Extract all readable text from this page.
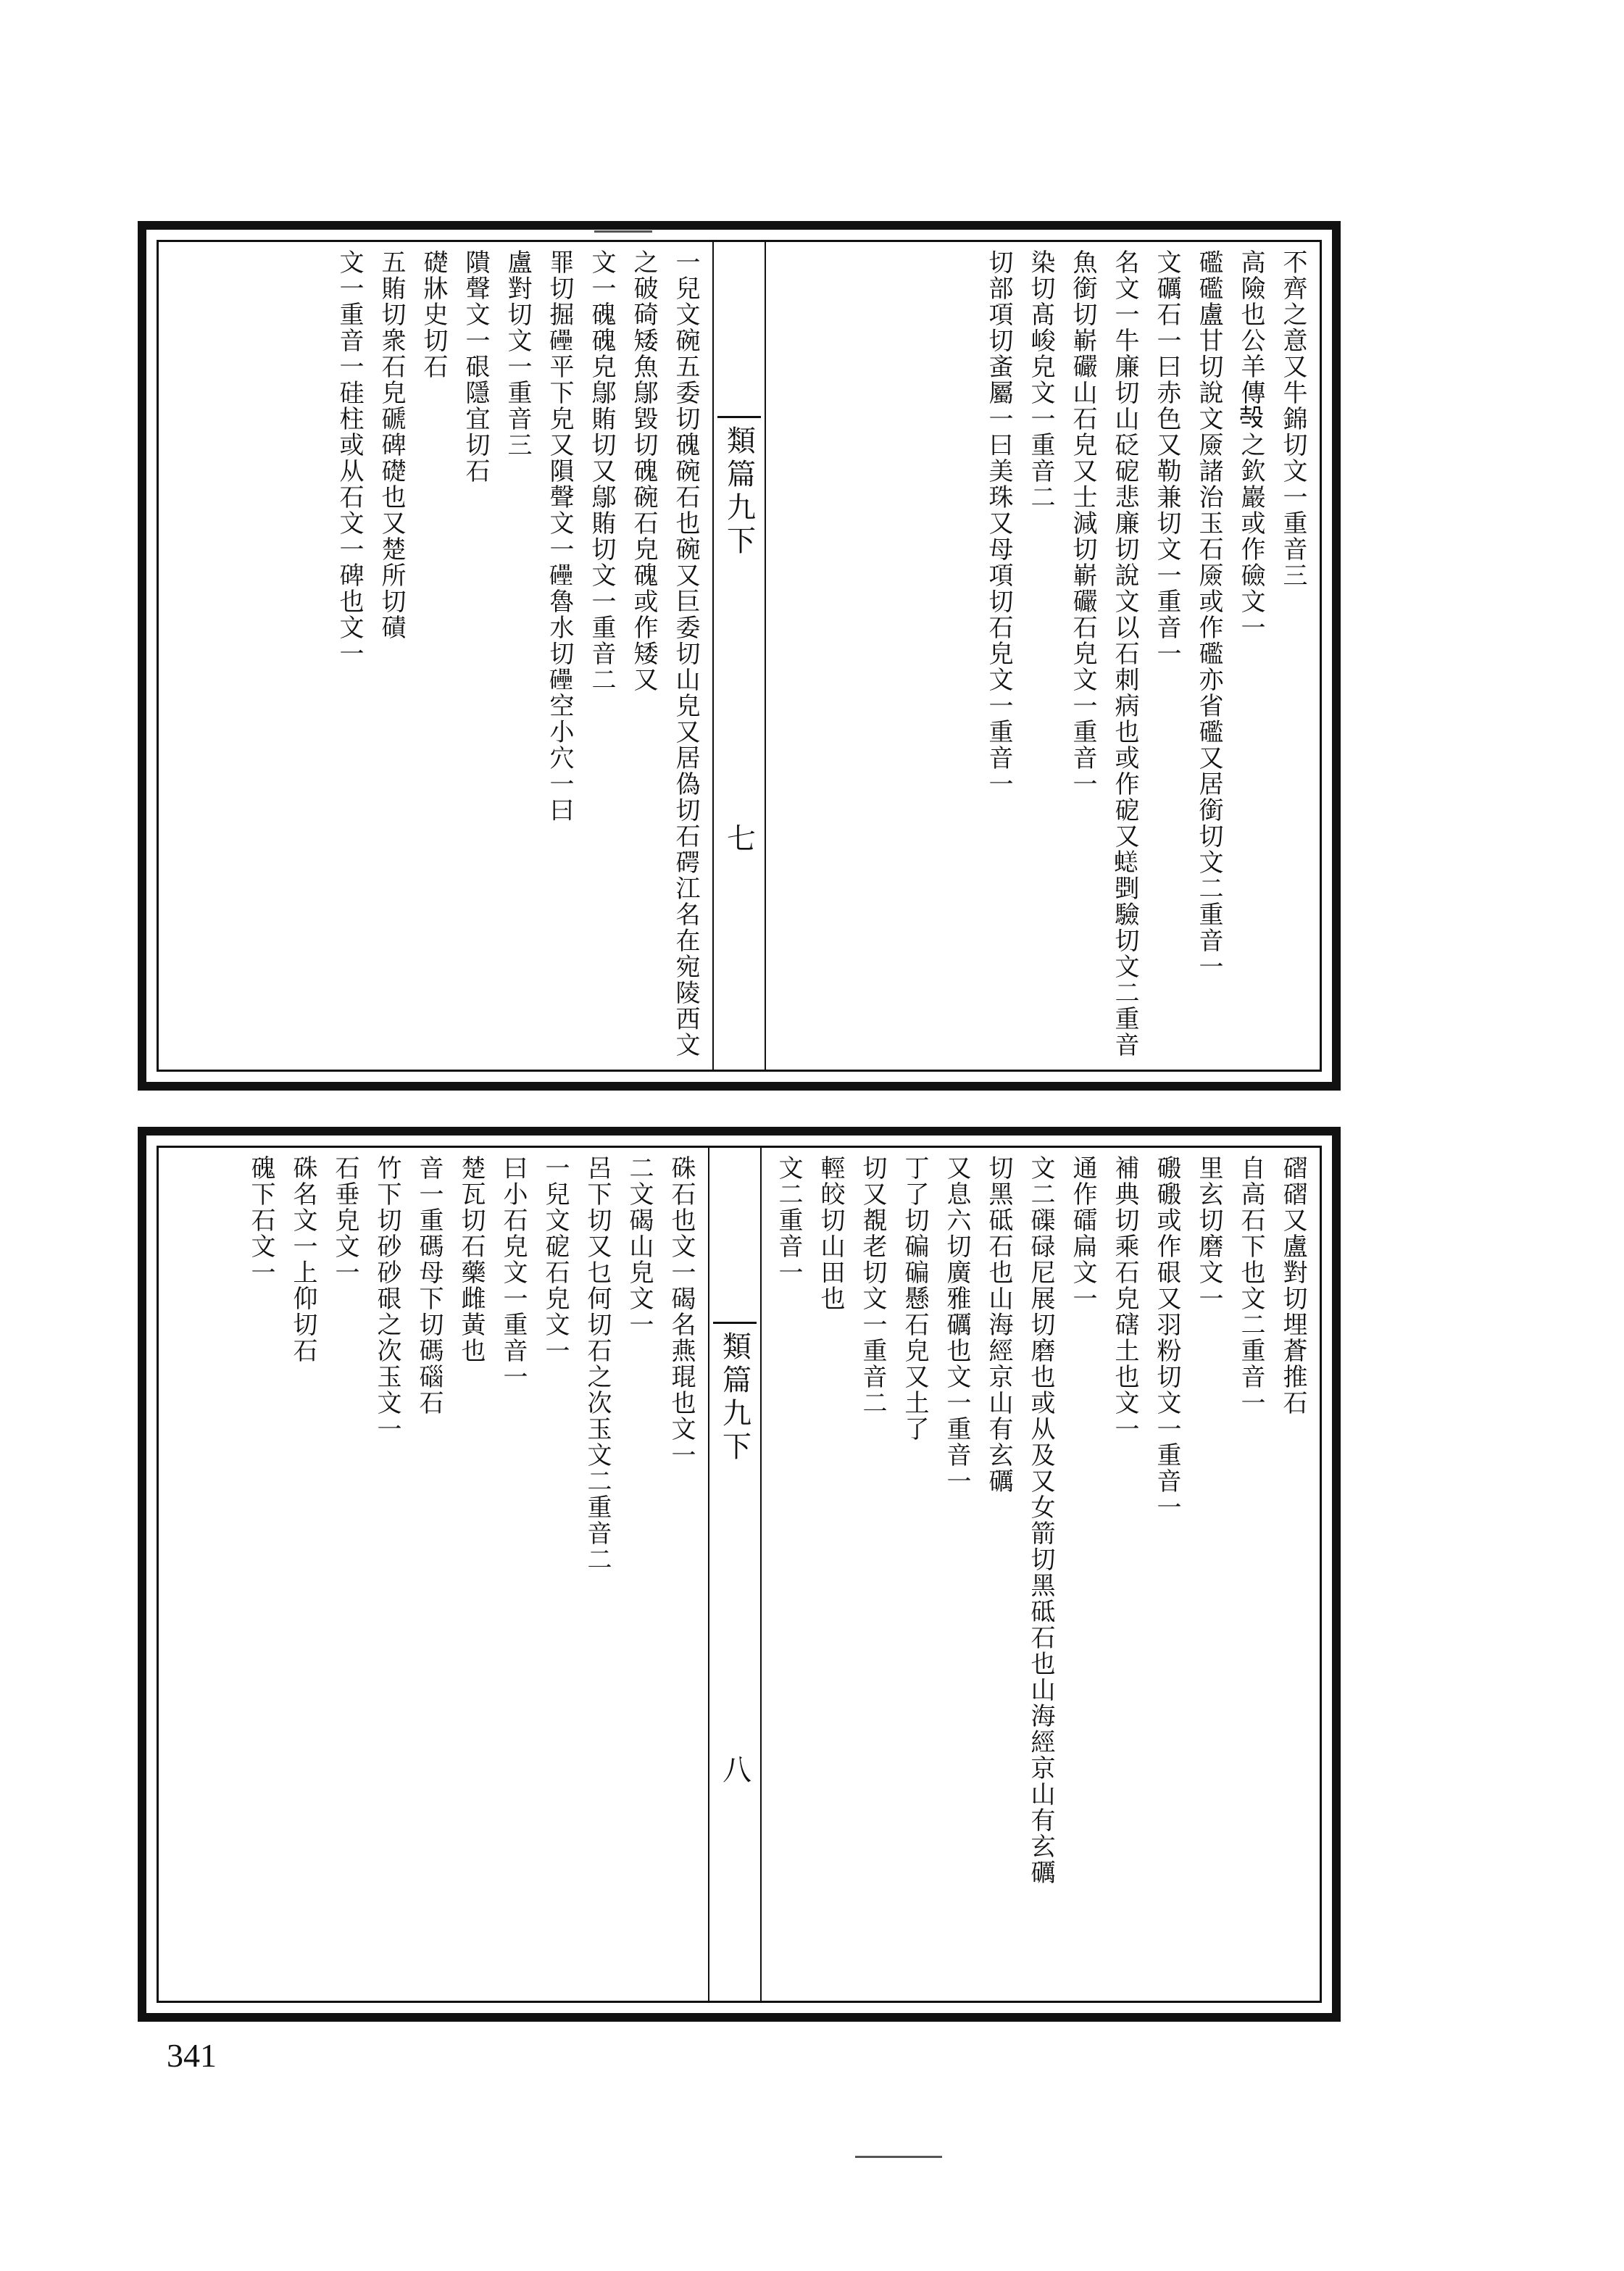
不齊之意又牛錦切文一重音三
高險也公羊傳𣪊之欽巖或作礆文一
礛礛盧甘切說文厱諸治玉石厱或作礛亦省礛又居銜切文二重音一
文礪石一曰赤色又勒兼切文一重音一
名文一牛廉切山砭砨悲廉切說文以石刺病也或作砨又𧏮㓸驗切文二重音
魚銜切嶄礹山石皃又士減切嶄礹石皃文一重音一
染切髙峻皃文一重音二
切部項切蚉屬一曰美珠又母項切石皃文一重音一
類篇九下
七
一兒文碗五委切磈碗石也碗又巨委切山皃又居偽切石𥔲江名在宛陵西文
之破碕矮魚鄔毀切磈碗石皃磈或作矮又
文一磈磈皃鄔賄切又鄔賄切文一重音二
罪切掘𥗬平下皃又隕聲文一𥗬魯水切𥗬空小穴一曰
盧對切文一重音三
隤聲文一硍隱宜切石
礎牀史切石
五賄切衆石皃磃碑礎也又楚所切磧
文一重音一硅柱或从石文一碑也文一
磖磖又盧對切埋蒼推石
自高石下也文二重音一
里玄切磨文一
磤磤或作硍又羽粉切文一重音一
補典切乘石皃磍土也文一
通作礌扁文一
文二磲碌尼展切磨也或从及又女箭切黑砥石也山海經京山有玄礪
切黑砥石也山海經京山有玄礪
又息六切廣雅礪也文一重音一
丁了切碥碥懸石皃又土了
切又覩老切文一重音二
輕皎切山田也
文二重音一
類篇九下
八
硃石也文一碣名燕琨也文一
二文碣山皃文一
呂下切又乜何切石之次玉文二重音二
一兒文砨石皃文一
曰小石皃文一重音一
楚瓦切石藥雌黃也
音一重碼母下切碼碯石
竹下切砂砂硍之次玉文一
石垂皃文一
硃名文一上仰切石
磈下石文一
341
